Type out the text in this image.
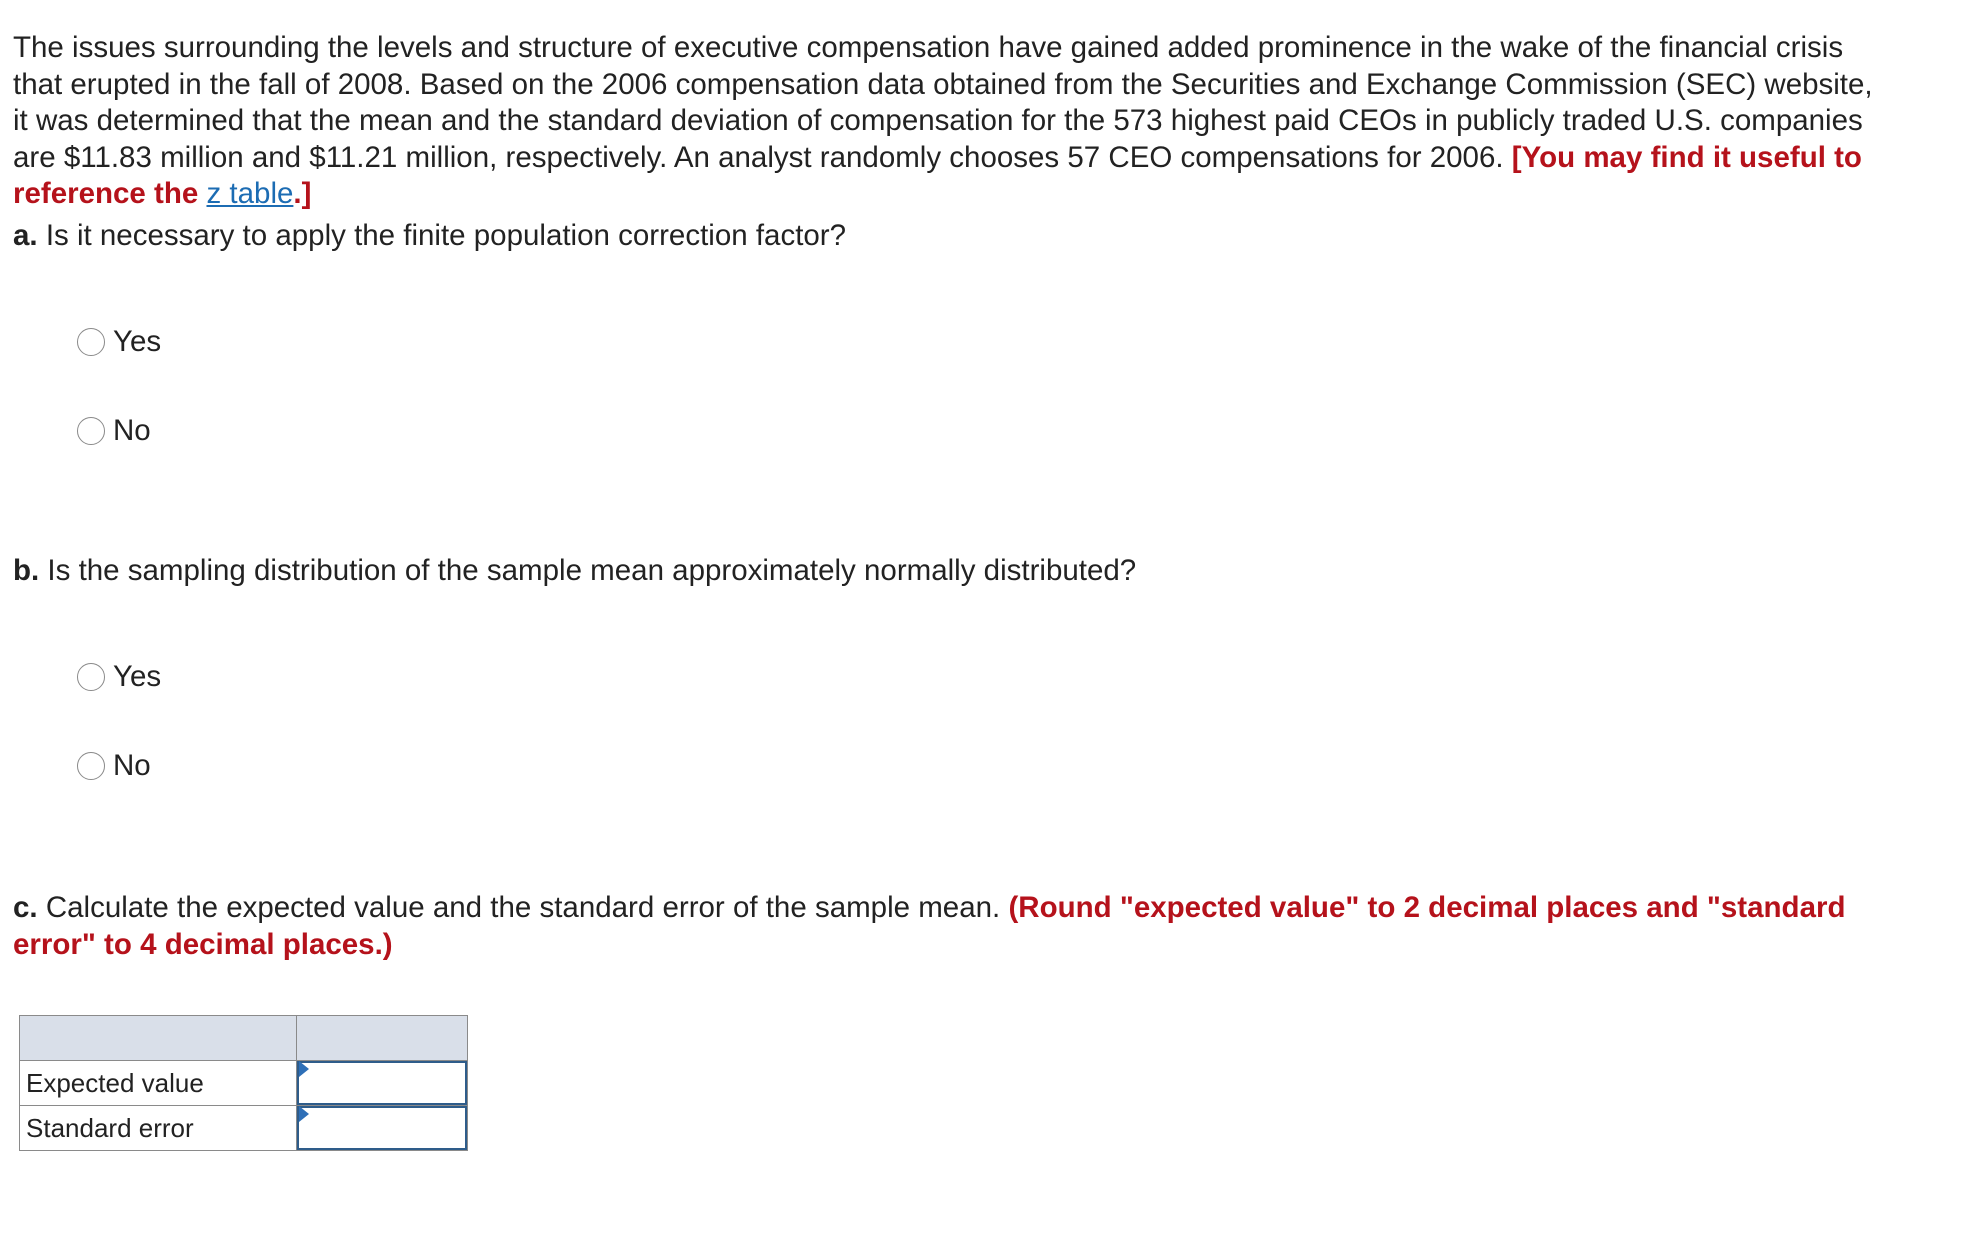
The issues surrounding the levels and structure of executive compensation have gained added prominence in the wake of the financial crisis that erupted in the fall of 2008. Based on the 2006 compensation data obtained from the Securities and Exchange Commission (SEC) website, it was determined that the mean and the standard deviation of compensation for the 573 highest paid CEOs in publicly traded U.S. companies are $11.83 million and $11.21 million, respectively. An analyst randomly chooses 57 CEO compensations for 2006. [You may find it useful to reference the z table.]

a. Is it necessary to apply the finite population correction factor?

Yes
No

b. Is the sampling distribution of the sample mean approximately normally distributed?

Yes
No

c. Calculate the expected value and the standard error of the sample mean. (Round "expected value" to 2 decimal places and "standard error" to 4 decimal places.)

Expected value	

Standard error	
